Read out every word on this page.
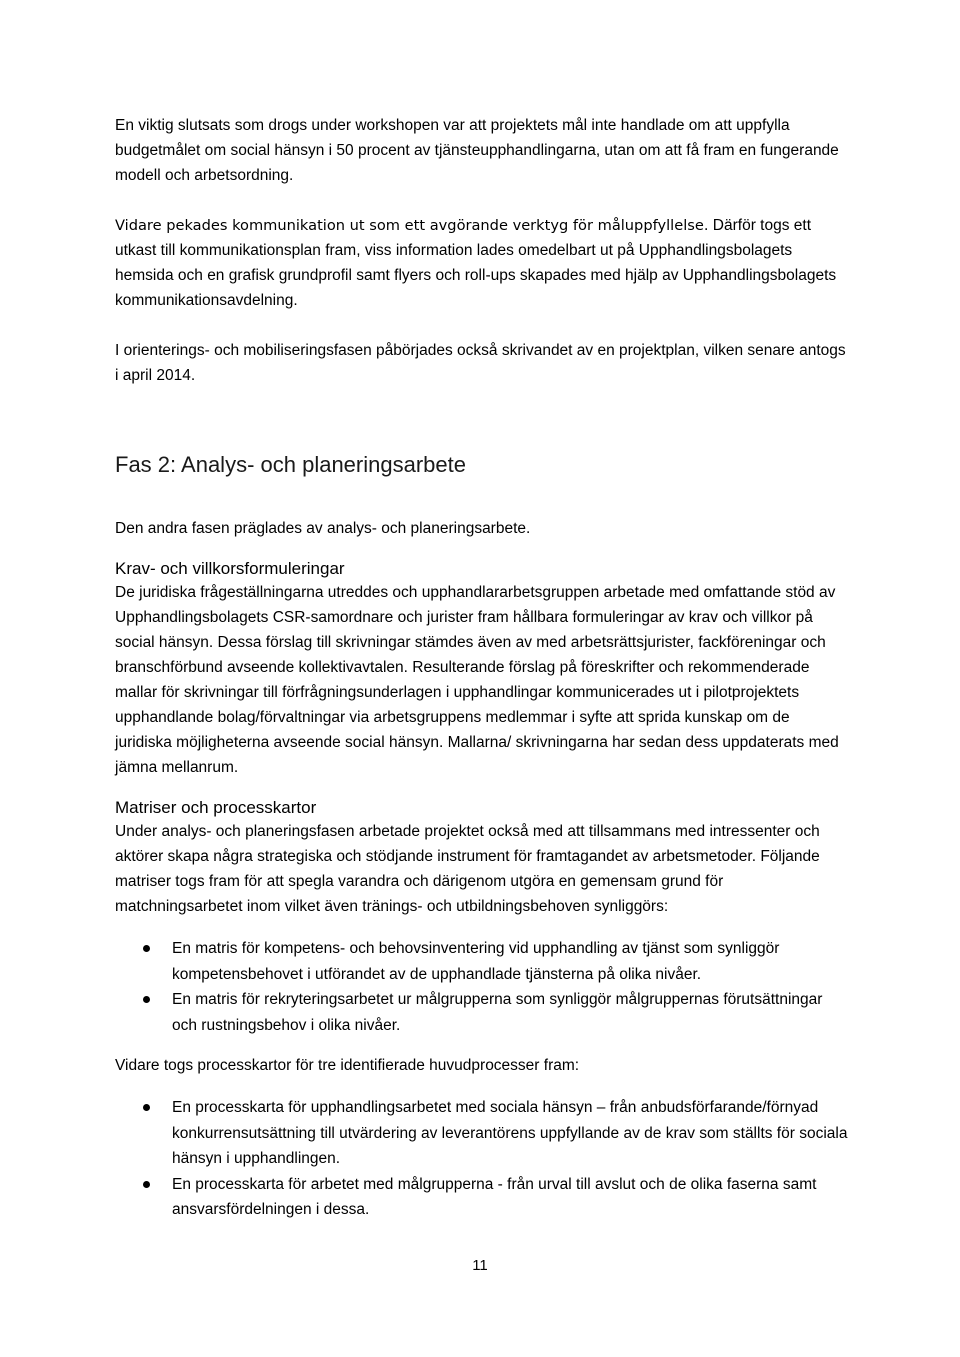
En viktig slutsats som drogs under workshopen var att projektets mål inte handlade om att uppfylla budgetmålet om social hänsyn i 50 procent av tjänsteupphandlingarna, utan om att få fram en fungerande modell och arbetsordning.

Vidare pekades kommunikation ut som ett avgörande verktyg för måluppfyllelse. Därför togs ett utkast till kommunikationsplan fram, viss information lades omedelbart ut på Upphandlingsbolagets hemsida och en grafisk grundprofil samt flyers och roll-ups skapades med hjälp av Upphandlingsbolagets kommunikationsavdelning.

I orienterings- och mobiliseringsfasen påbörjades också skrivandet av en projektplan, vilken senare antogs i april 2014.

Fas 2: Analys- och planeringsarbete

Den andra fasen präglades av analys- och planeringsarbete.

Krav- och villkorsformuleringar

De juridiska frågeställningarna utreddes och upphandlararbetsgruppen arbetade med omfattande stöd av Upphandlingsbolagets CSR-samordnare och jurister fram hållbara formuleringar av krav och villkor på social hänsyn. Dessa förslag till skrivningar stämdes även av med arbetsrättsjurister, fackföreningar och branschförbund avseende kollektivavtalen. Resulterande förslag på föreskrifter och rekommenderade mallar för skrivningar till förfrågningsunderlagen i upphandlingar kommunicerades ut i pilotprojektets upphandlande bolag/förvaltningar via arbetsgruppens medlemmar i syfte att sprida kunskap om de juridiska möjligheterna avseende social hänsyn. Mallarna/ skrivningarna har sedan dess uppdaterats med jämna mellanrum.

Matriser och processkartor

Under analys- och planeringsfasen arbetade projektet också med att tillsammans med intressenter och aktörer skapa några strategiska och stödjande instrument för framtagandet av arbetsmetoder. Följande matriser togs fram för att spegla varandra och därigenom utgöra en gemensam grund för matchningsarbetet inom vilket även tränings- och utbildningsbehoven synliggörs:

En matris för kompetens- och behovsinventering vid upphandling av tjänst som synliggör kompetensbehovet i utförandet av de upphandlade tjänsterna på olika nivåer.
En matris för rekryteringsarbetet ur målgrupperna som synliggör målgruppernas förutsättningar och rustningsbehov i olika nivåer.

Vidare togs processkartor för tre identifierade huvudprocesser fram:

En processkarta för upphandlingsarbetet med sociala hänsyn – från anbudsförfarande/förnyad konkurrensutsättning till utvärdering av leverantörens uppfyllande av de krav som ställts för sociala hänsyn i upphandlingen.
En processkarta för arbetet med målgrupperna - från urval till avslut och de olika faserna samt ansvarsfördelningen i dessa.
11
